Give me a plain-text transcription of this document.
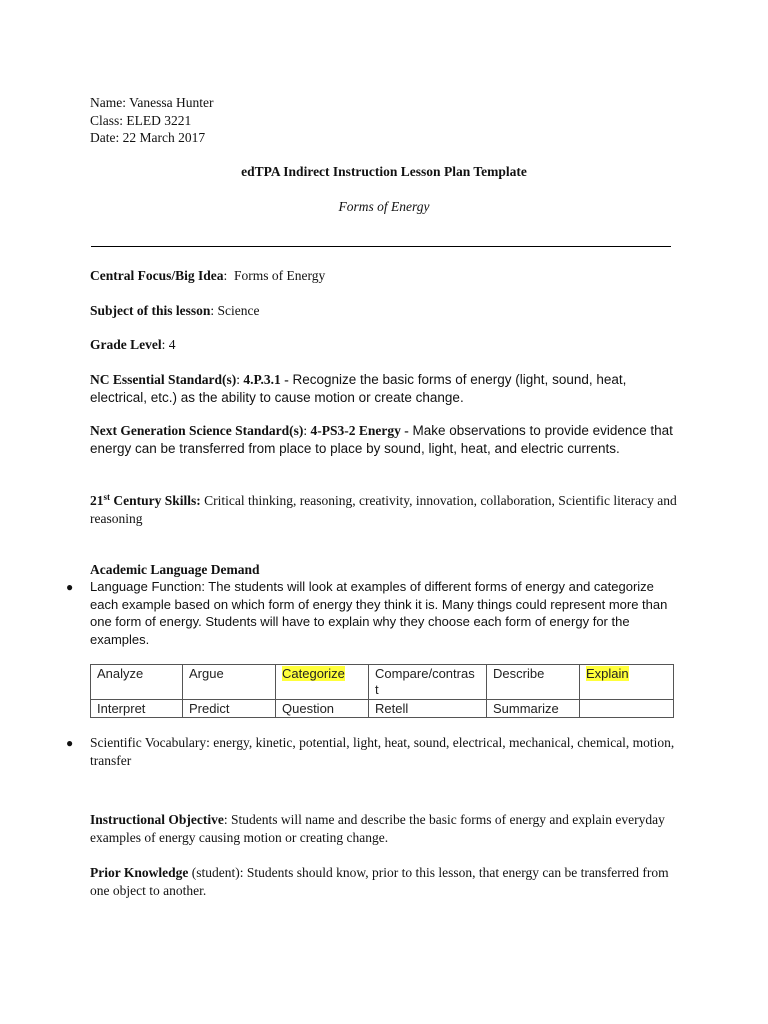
Name: Vanessa Hunter
Class: ELED 3221
Date: 22 March 2017
edTPA Indirect Instruction Lesson Plan Template
Forms of Energy
Central Focus/Big Idea:  Forms of Energy
Subject of this lesson: Science
Grade Level: 4
NC Essential Standard(s): 4.P.3.1 - Recognize the basic forms of energy (light, sound, heat, electrical, etc.) as the ability to cause motion or create change.
Next Generation Science Standard(s): 4-PS3-2 Energy - Make observations to provide evidence that energy can be transferred from place to place by sound, light, heat, and electric currents.
21st Century Skills: Critical thinking, reasoning, creativity, innovation, collaboration, Scientific literacy and reasoning
Academic Language Demand
● Language Function: The students will look at examples of different forms of energy and categorize each example based on which form of energy they think it is. Many things could represent more than one form of energy. Students will have to explain why they choose each form of energy for the examples.
Analyze	Argue	Categorize	Compare/contrast	Describe	Explain
Interpret	Predict	Question	Retell	Summarize	
● Scientific Vocabulary: energy, kinetic, potential, light, heat, sound, electrical, mechanical, chemical, motion, transfer
Instructional Objective: Students will name and describe the basic forms of energy and explain everyday examples of energy causing motion or creating change.
Prior Knowledge (student): Students should know, prior to this lesson, that energy can be transferred from one object to another.
